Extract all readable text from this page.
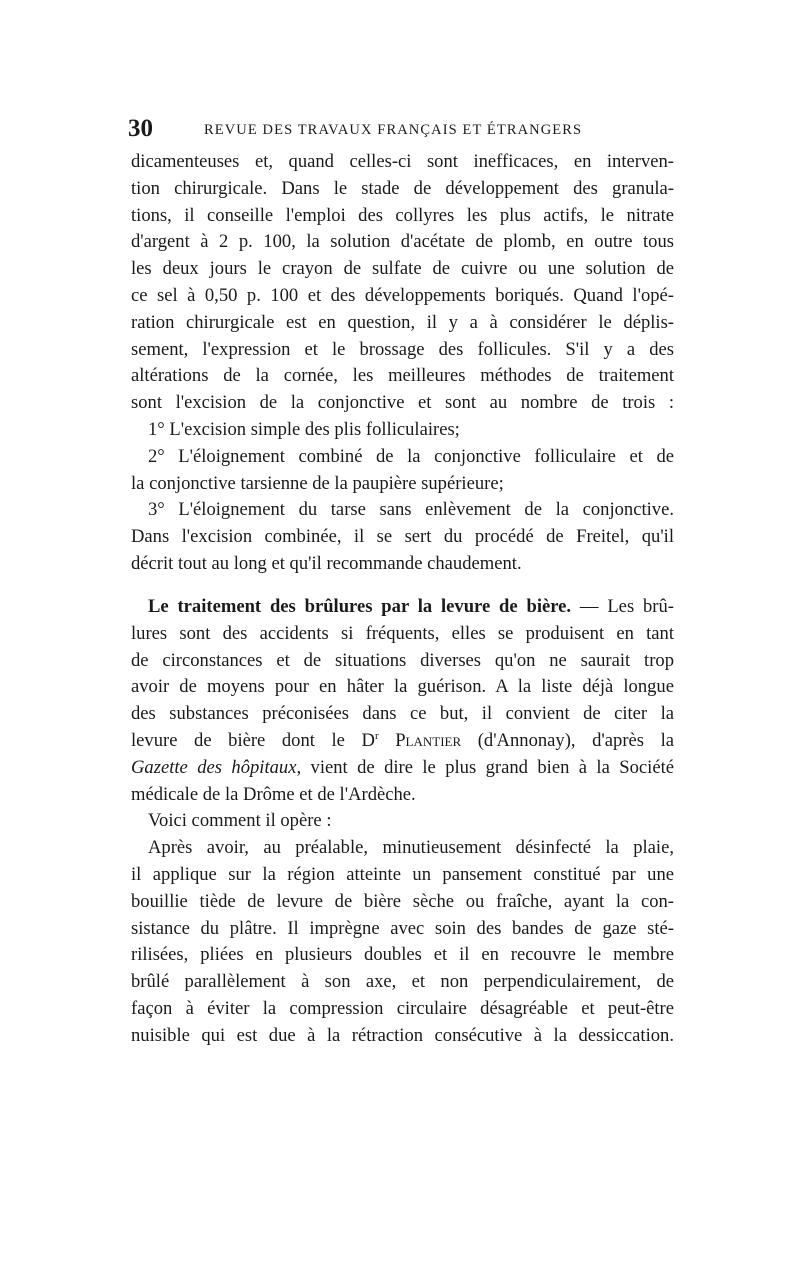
30	REVUE DES TRAVAUX FRANÇAIS ET ÉTRANGERS
dicamenteuses et, quand celles-ci sont inefficaces, en interven-
tion chirurgicale. Dans le stade de développement des granula-
tions, il conseille l'emploi des collyres les plus actifs, le nitrate
d'argent à 2 p. 100, la solution d'acétate de plomb, en outre tous
les deux jours le crayon de sulfate de cuivre ou une solution de
ce sel à 0,50 p. 100 et des développements boriqués. Quand l'opé-
ration chirurgicale est en question, il y a à considérer le déplis-
sement, l'expression et le brossage des follicules. S'il y a des
altérations de la cornée, les meilleures méthodes de traitement
sont l'excision de la conjonctive et sont au nombre de trois :
1° L'excision simple des plis folliculaires;
2° L'éloignement combiné de la conjonctive folliculaire et de
la conjonctive tarsienne de la paupière supérieure;
3° L'éloignement du tarse sans enlèvement de la conjonctive.
Dans l'excision combinée, il se sert du procédé de Freitel, qu'il
décrit tout au long et qu'il recommande chaudement.
Le traitement des brûlures par la levure de bière. — Les brû-
lures sont des accidents si fréquents, elles se produisent en tant
de circonstances et de situations diverses qu'on ne saurait trop
avoir de moyens pour en hâter la guérison. A la liste déjà longue
des substances préconisées dans ce but, il convient de citer la
levure de bière dont le $D^r$ Plantier (d'Annonay), d'après la
Gazette des hôpitaux, vient de dire le plus grand bien à la Société
médicale de la Drôme et de l'Ardèche.
Voici comment il opère :
Après avoir, au préalable, minutieusement désinfecté la plaie,
il applique sur la région atteinte un pansement constitué par une
bouillie tiède de levure de bière sèche ou fraîche, ayant la con-
sistance du plâtre. Il imprègne avec soin des bandes de gaze sté-
rilisées, pliées en plusieurs doubles et il en recouvre le membre
brûlé parallèlement à son axe, et non perpendiculairement, de
façon à éviter la compression circulaire désagréable et peut-être
nuisible qui est due à la rétraction consécutive à la dessiccation.
